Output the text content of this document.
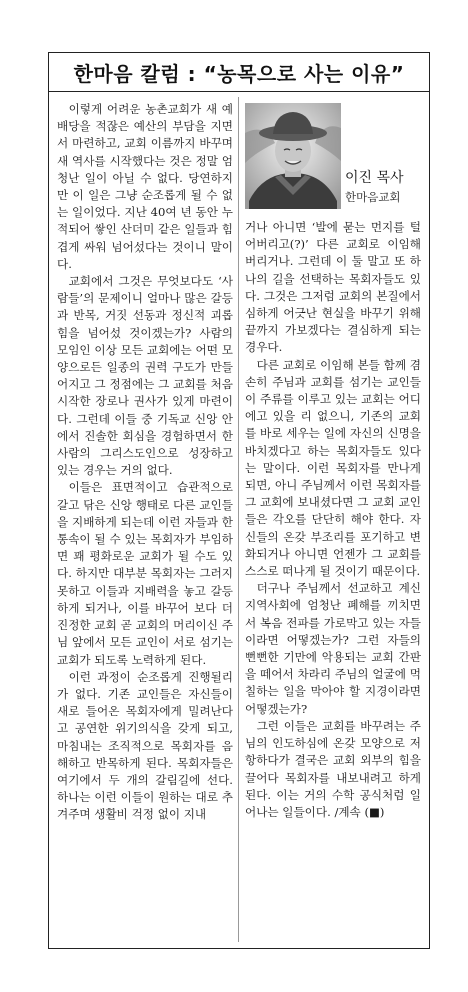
한마음 칼럼 : “농목으로 사는 이유”

이렇게 어려운 농촌교회가 새 예배당을 적잖은 예산의 부담을 지면서 마련하고, 교회 이름까지 바꾸며 새 역사를 시작했다는 것은 정말 엄청난 일이 아닐 수 없다. 당연하지만 이 일은 그냥 순조롭게 될 수 없는 일이었다. 지난 40여 년 동안 누적되어 쌓인 산더미 같은 일들과 힘겹게 싸워 넘어섰다는 것이니 말이다.

교회에서 그것은 무엇보다도 ‘사람들’의 문제이니 얼마나 많은 갈등과 반목, 거짓 선동과 정신적 괴롭힘을 넘어섰 것이겠는가? 사람의 모임인 이상 모든 교회에는 어떤 모양으로든 일종의 권력 구도가 만들어지고 그 정점에는 그 교회를 처음 시작한 장로나 권사가 있게 마련이다. 그런데 이들 중 기독교 신앙 안에서 진솔한 회심을 경험하면서 한 사람의 그리스도인으로 성장하고 있는 경우는 거의 없다.

이들은 표면적이고 습관적으로 갈고 닦은 신앙 행태로 다른 교인들을 지배하게 되는데 이런 자들과 한통속이 될 수 있는 목회자가 부임하면 꽤 평화로운 교회가 될 수도 있다. 하지만 대부분 목회자는 그러지 못하고 이들과 지배력을 놓고 갈등하게 되거나, 이를 바꾸어 보다 더 진정한 교회 곧 교회의 머리이신 주님 앞에서 모든 교인이 서로 섬기는 교회가 되도록 노력하게 된다.

이런 과정이 순조롭게 진행될리가 없다. 기존 교인들은 자신들이 새로 들어온 목회자에게 밀려난다고 공연한 위기의식을 갖게 되고, 마침내는 조직적으로 목회자를 음해하고 반목하게 된다. 목회자들은 여기에서 두 개의 갈림길에 선다. 하나는 이런 이들이 원하는 대로 추겨주며 생활비 걱정 없이 지내

이진 목사
한마음교회

거나 아니면 ‘발에 묻는 먼지를 털어버리고(?)’ 다른 교회로 이임해 버리거나. 그런데 이 둘 말고 또 하나의 길을 선택하는 목회자들도 있다. 그것은 그저럼 교회의 본질에서 심하게 어긋난 현실을 바꾸기 위해 끝까지 가보겠다는 결심하게 되는 경우다.

다른 교회로 이임해 본들 함께 겸손히 주님과 교회를 섬기는 교인들이 주류를 이루고 있는 교회는 어디에고 있을 리 없으니, 기존의 교회를 바로 세우는 일에 자신의 신명을 바치겠다고 하는 목회자들도 있다는 말이다. 이런 목회자를 만나게 되면, 아니 주님께서 이런 목회자를 그 교회에 보내셨다면 그 교회 교인들은 각오를 단단히 해야 한다. 자신들의 온갖 부조리를 포기하고 변화되거나 아니면 언젠가 그 교회를 스스로 떠나게 될 것이기 때문이다.

더구나 주님께서 선교하고 계신 지역사회에 엄청난 폐해를 끼치면서 복음 전파를 가로막고 있는 자들이라면 어떻겠는가? 그런 자들의 뻔뻔한 기만에 악용되는 교회 간판을 떼어서 차라리 주님의 얼굴에 먹칠하는 일을 막아야 할 지경이라면 어떻겠는가?

그런 이들은 교회를 바꾸려는 주님의 인도하심에 온갖 모양으로 저항하다가 결국은 교회 외부의 힘을 끌어다 목회자를 내보내려고 하게 된다. 이는 거의 수학 공식처럼 일어나는 일들이다. /계속 (■)
